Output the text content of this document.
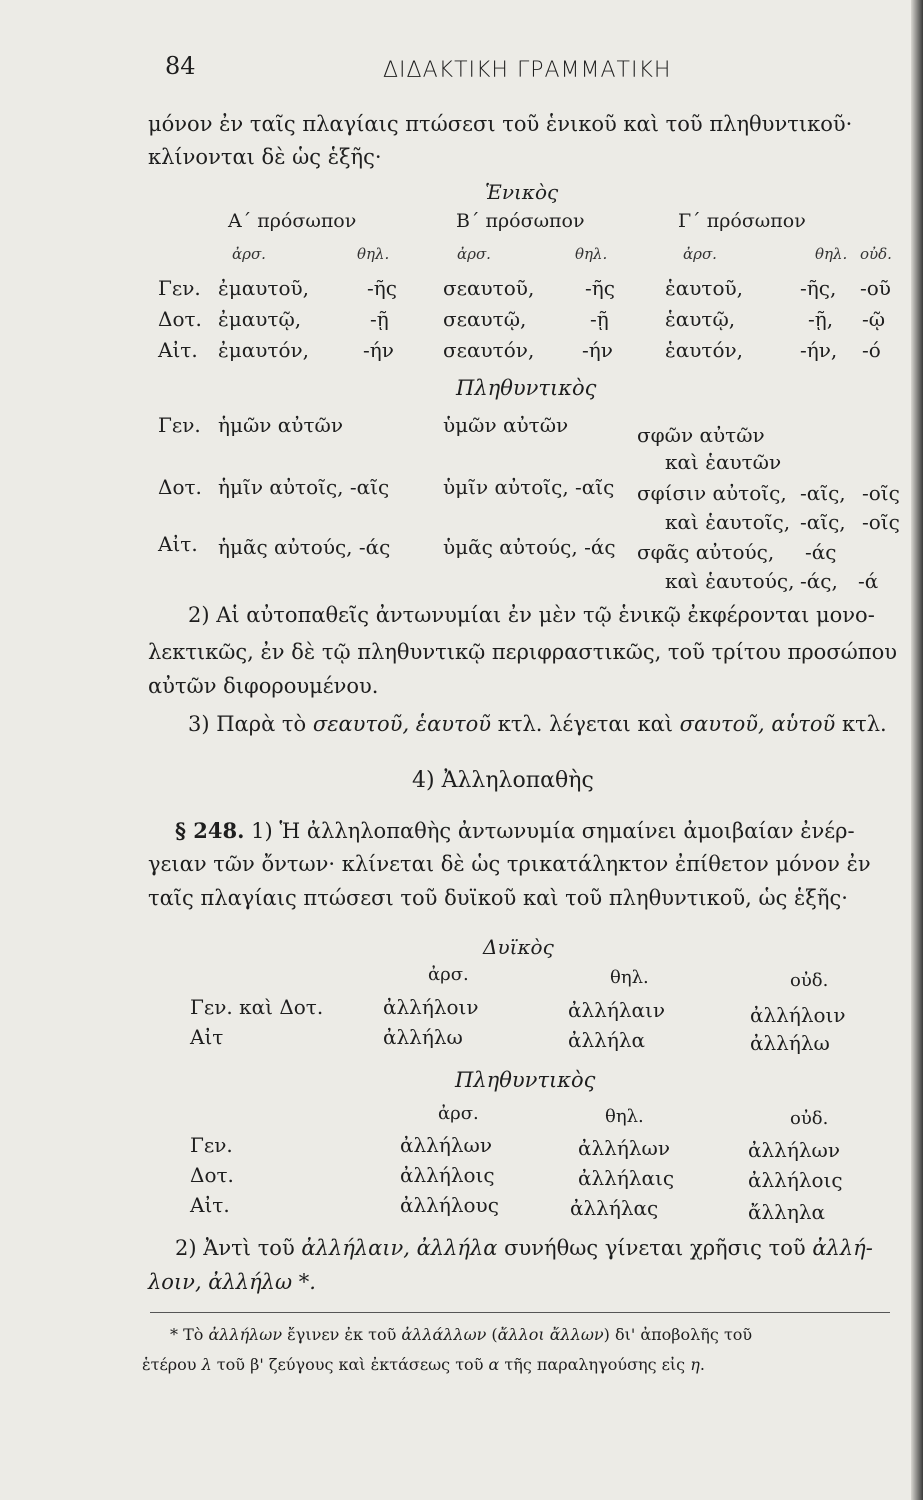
84	ΔΙΔΑΚΤΙΚΗ ΓΡΑΜΜΑΤΙΚΗ
μόνον ἐν ταῖς πλαγίαις πτώσεσι τοῦ ἑνικοῦ καὶ τοῦ πληθυντικοῦ·
κλίνονται δὲ ὡς ἑξῆς·
Ἑνικὸς
Α΄ πρόσωπον	Β΄ πρόσωπον	Γ΄ πρόσωπον
ἀρσ.	θηλ.	ἀρσ.	θηλ.	ἀρσ.	θηλ. οὐδ.
Γεν. ἐμαυτοῦ,	-ῆς σεαυτοῦ,	-ῆς	ἑαυτοῦ,	-ῆς, -οῦ
Δοτ. ἐμαυτῷ,	-ῇ	σεαυτῷ,	-ῇ	ἑαυτῷ,	-ῇ, -ῷ
Αἰτ. ἐμαυτόν,	-ήν σεαυτόν, -ήν	ἑαυτόν,	-ήν, -ό
Πληθυντικὸς
Γεν. ἡμῶν αὐτῶν	ὑμῶν αὐτῶν	σφῶν αὐτῶν
καὶ ἑαυτῶν
Δοτ. ἡμῖν αὐτοῖς, -αῖς	ὑμῖν αὐτοῖς, -αῖς σφίσιν αὐτοῖς, -αῖς, -οῖς
καὶ ἑαυτοῖς, -αῖς, -οῖς
Αἰτ. ἡμᾶς αὐτούς, -άς	ὑμᾶς αὐτούς, -άς σφᾶς αὐτούς, -άς
καὶ ἑαυτούς, -άς, -ά
2) Αἱ αὐτοπαθεῖς ἀντωνυμίαι ἐν μὲν τῷ ἑνικῷ ἐκφέρονται μονο-
λεκτικῶς, ἐν δὲ τῷ πληθυντικῷ περιφραστικῶς, τοῦ τρίτου προσώπου
αὐτῶν διφορουμένου.
3) Παρὰ τὸ σεαυτοῦ, ἑαυτοῦ κτλ. λέγεται καὶ σαυτοῦ, αὑτοῦ κτλ.
4) Ἀλληλοπαθὴς
§ 248. 1) Ἡ ἀλληλοπαθὴς ἀντωνυμία σημαίνει ἀμοιβαίαν ἐνέρ-
γειαν τῶν ὄντων· κλίνεται δὲ ὡς τρικατάληκτον ἐπίθετον μόνον ἐν
ταῖς πλαγίαις πτώσεσι τοῦ δυϊκοῦ καὶ τοῦ πληθυντικοῦ, ὡς ἑξῆς·
Δυϊκὸς
ἀρσ.	θηλ.	οὐδ.
Γεν. καὶ Δοτ.	ἀλλήλοιν	ἀλλήλαιν	ἀλλήλοιν
Αἰτ	ἀλλήλω	ἀλλήλα	ἀλλήλω
Πληθυντικὸς
ἀρσ.	θηλ.	οὐδ.
Γεν.	ἀλλήλων	ἀλλήλων	ἀλλήλων
Δοτ.	ἀλλήλοις	ἀλλήλαις	ἀλλήλοις
Αἰτ.	ἀλλήλους	ἀλλήλας	ἄλληλα
2) Ἀντὶ τοῦ ἀλλήλαιν, ἀλλήλα συνήθως γίνεται χρῆσις τοῦ ἀλλή-
λοιν, ἀλλήλω *.
* Τὸ ἀλλήλων ἔγινεν ἐκ τοῦ ἀλλάλλων (ἄλλοι ἄλλων) δι' ἀποβολῆς τοῦ
ἑτέρου λ τοῦ β' ζεύγους καὶ ἐκτάσεως τοῦ α τῆς παραληγούσης εἰς η.
